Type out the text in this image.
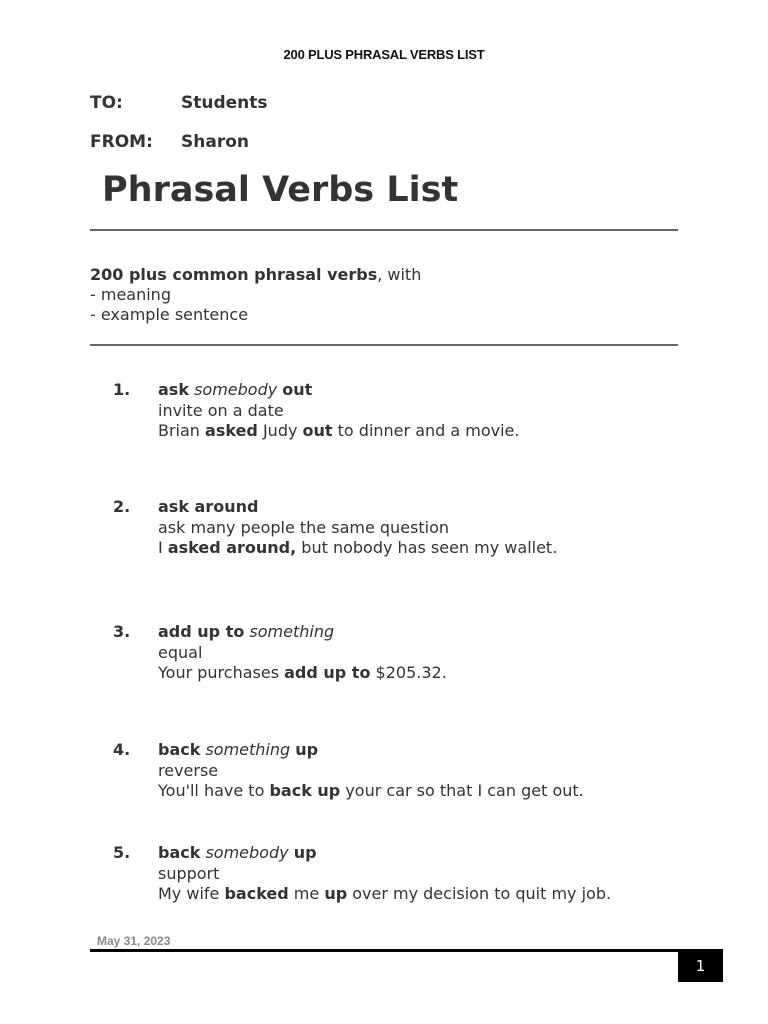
200 PLUS PHRASAL VERBS LIST
TO:	Students
FROM: Sharon
Phrasal Verbs List
200 plus common phrasal verbs, with
- meaning
- example sentence
1. ask somebody out
invite on a date
Brian asked Judy out to dinner and a movie.
2. ask around
ask many people the same question
I asked around, but nobody has seen my wallet.
3. add up to something
equal
Your purchases add up to $205.32.
4. back something up
reverse
You'll have to back up your car so that I can get out.
5. back somebody up
support
My wife backed me up over my decision to quit my job.
May 31, 2023
1
